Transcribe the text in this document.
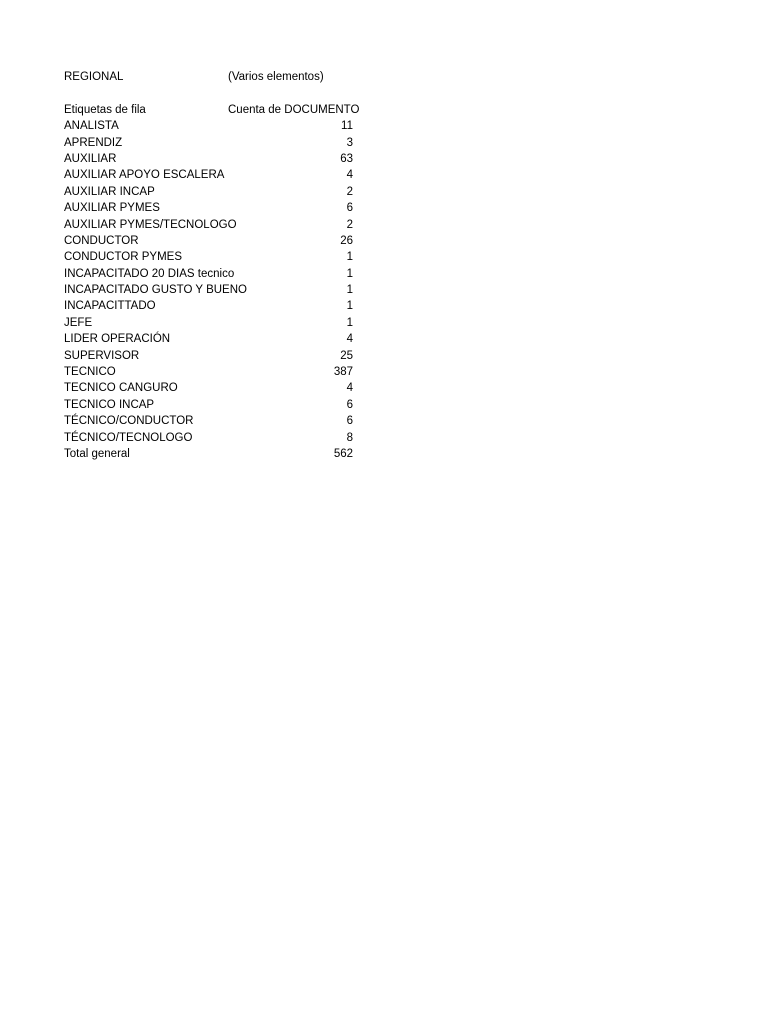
REGIONAL	(Varios elementos)
Etiquetas de fila	Cuenta de DOCUMENTO
ANALISTA	11
APRENDIZ	3
AUXILIAR	63
AUXILIAR APOYO ESCALERA	4
AUXILIAR INCAP	2
AUXILIAR PYMES	6
AUXILIAR PYMES/TECNOLOGO	2
CONDUCTOR	26
CONDUCTOR PYMES	1
INCAPACITADO 20 DIAS tecnico	1
INCAPACITADO GUSTO Y BUENO	1
INCAPACITTADO	1
JEFE	1
LIDER OPERACIÓN	4
SUPERVISOR	25
TECNICO	387
TECNICO CANGURO	4
TECNICO INCAP	6
TÉCNICO/CONDUCTOR	6
TÉCNICO/TECNOLOGO	8
Total general	562
